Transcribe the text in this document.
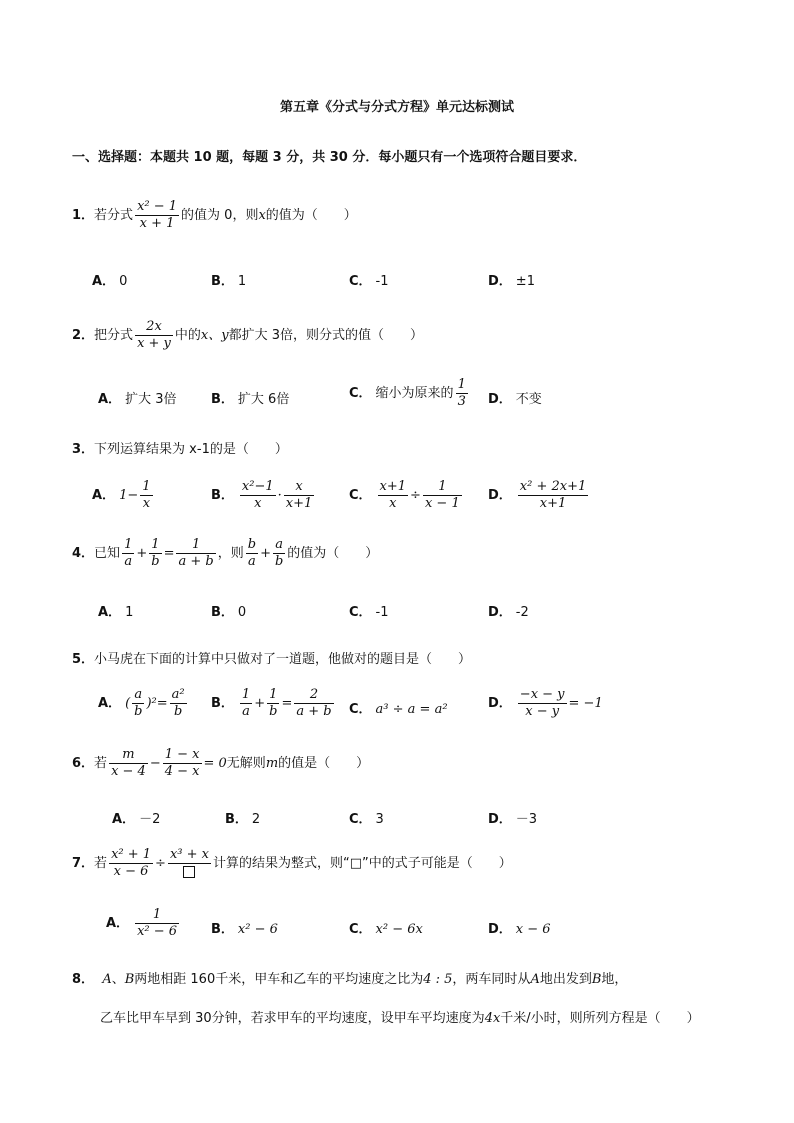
第五章《分式与分式方程》单元达标测试
一、选择题：本题共 10 题，每题 3 分，共 30 分．每小题只有一个选项符合题目要求．
1．若分式 $\frac{\text{x² − 1}}{x + 1}$ 的值为 0，则x的值为（　　）
A． 0	B． 1	C． -1	D． ±1
2．把分式 $\frac{2x}{x + y}$ 中的x、y都扩大 3倍，则分式的值（　　）
A． 扩大 3倍	B． 扩大 6倍	C． 缩小为原来的 $\frac{1}{3}$ D． 不变
3．下列运算结果为 x-1的是（　　）
A． $1- \frac{1}{x}$	B． $\frac{\text{x²−1}}{x} \cdot \frac{x}{x+1}$	C． $\frac{x+1}{x} \div \frac{1}{x - 1}$ D． $\frac{\text{x² + 2x+1}}{x+1}$
4．已知 $\frac{1}{a} + \frac{1}{b} = \frac{1}{a + b}$ ，则 $\frac{b}{a} + \frac{a}{b}$ 的值为（　　）
A． 1	B． 0	C． -1	D． -2
5．小马虎在下面的计算中只做对了一道题，他做对的题目是（　　）
A． ( $\frac{a}{b} )^2= \frac{\text{a²}}{b}$ B． $\frac{1}{a} + \frac{1}{b} = \frac{2}{a + b}$ C． a³ ÷ a = a²	D． $\frac{-x - y}{x - y} = -1$
6．若 $\frac{m}{x - 4} - \frac{1 - x}{4 - x} = 0$无解则m的值是（　　）
A． －2	B． 2	C． 3	D． －3
7．若 $\frac{\text{x² + 1}}{x - 6}$ ÷
x³ + x
计算的结果为整式，则“□”中的式子可能是（　　）
A． $\frac{1}{\text{x² − 6}}$ B． x² − 6	C． x² − 6x	D． x − 6
8． A、B两地相距 160千米，甲车和乙车的平均速度之比为4 : 5，两车同时从A地出发到B地，
乙车比甲车早到 30分钟，若求甲车的平均速度，设甲车平均速度为4x千米/小时，则所列方程是（　　）
